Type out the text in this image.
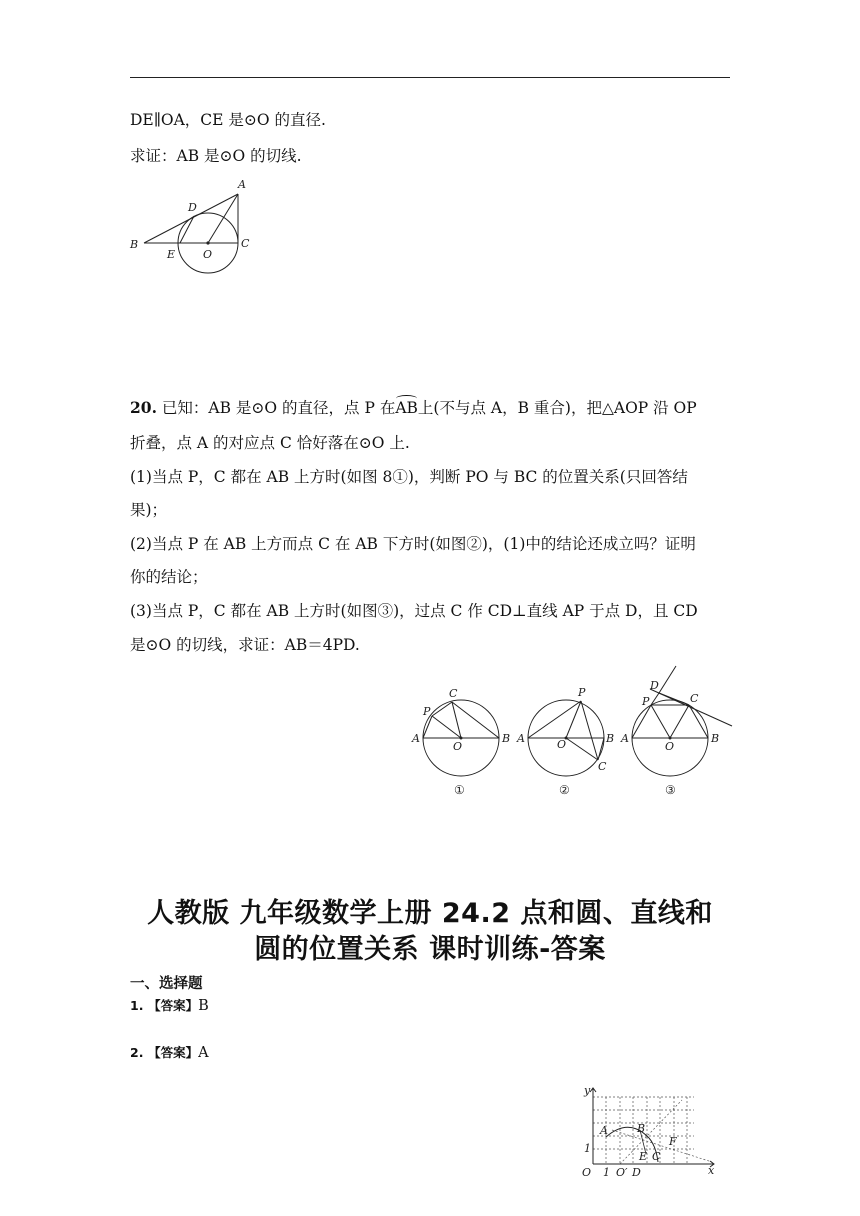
DE∥OA，CE 是⊙O 的直径.
求证：AB 是⊙O 的切线.
A
D
B	C
E	O
20. 已知：AB 是⊙O 的直径，点 P 在AB上(不与点 A，B 重合)，把△AOP 沿 OP
折叠，点 A 的对应点 C 恰好落在⊙O 上.
(1)当点 P，C 都在 AB 上方时(如图 8①)，判断 PO 与 BC 的位置关系(只回答结
果)；
(2)当点 P 在 AB 上方而点 C 在 AB 下方时(如图②)，(1)中的结论还成立吗？证明
你的结论；
(3)当点 P，C 都在 AB 上方时(如图③)，过点 C 作 CD⊥直线 AP 于点 D，且 CD
是⊙O 的切线，求证：AB＝4PD.
C
P
A	B
O
①
P
A	O	B
C
②
D
P	C
A
O
B
③
人教版 九年级数学上册 24.2 点和圆、直线和
圆的位置关系 课时训练-答案
一、选择题
1. 【答案】B
2. 【答案】A
y
A	B
1
F
E C
O 1 O′ D	x
